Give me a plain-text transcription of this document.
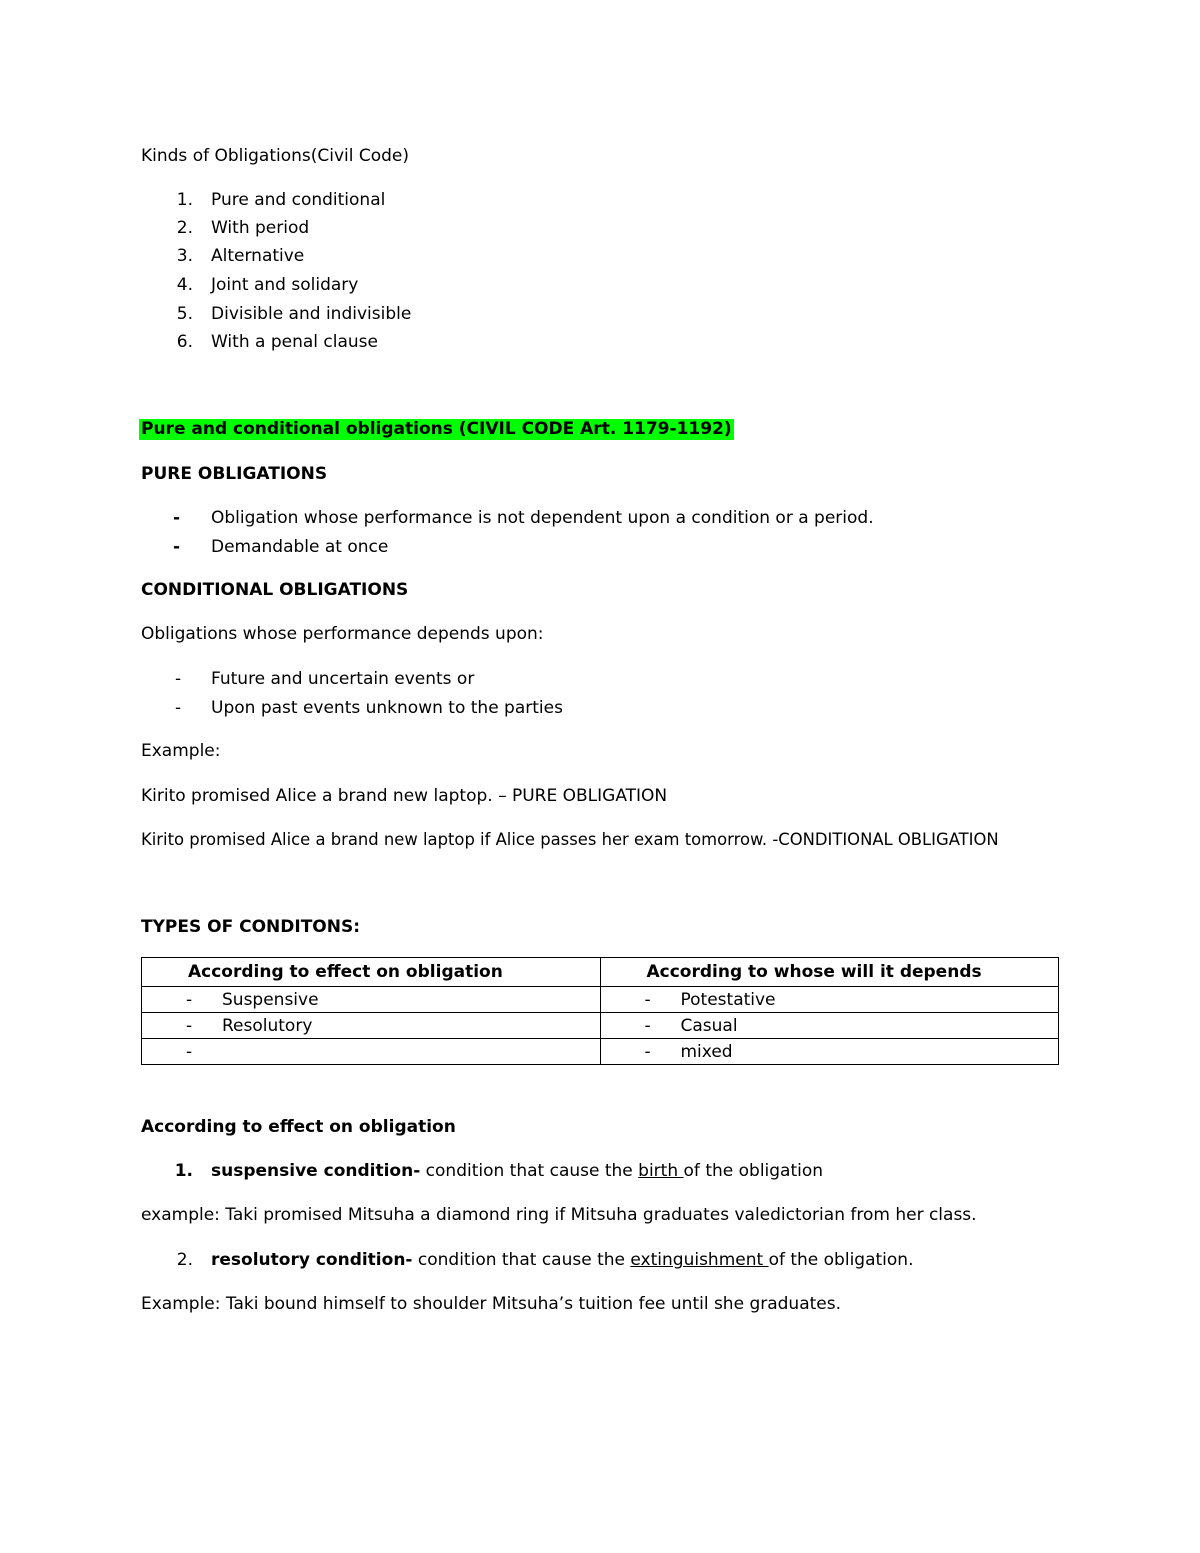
Kinds of Obligations(Civil Code)
1. Pure and conditional
2. With period
3. Alternative
4. Joint and solidary
5. Divisible and indivisible
6. With a penal clause
Pure and conditional obligations (CIVIL CODE Art. 1179-1192)
PURE OBLIGATIONS
-	Obligation whose performance is not dependent upon a condition or a period.
-	Demandable at once
CONDITIONAL OBLIGATIONS
Obligations whose performance depends upon:
-	Future and uncertain events or
-	Upon past events unknown to the parties
Example:
Kirito promised Alice a brand new laptop. – PURE OBLIGATION
Kirito promised Alice a brand new laptop if Alice passes her exam tomorrow. -CONDITIONAL OBLIGATION
TYPES OF CONDITONS:
According to effect on obligation	According to whose will it depends
- Suspensive	- Potestative
- Resolutory	- Casual
-	- mixed
According to effect on obligation
1. suspensive condition- condition that cause the birth of the obligation
example: Taki promised Mitsuha a diamond ring if Mitsuha graduates valedictorian from her class.
2. resolutory condition- condition that cause the extinguishment of the obligation.
Example: Taki bound himself to shoulder Mitsuha’s tuition fee until she graduates.
